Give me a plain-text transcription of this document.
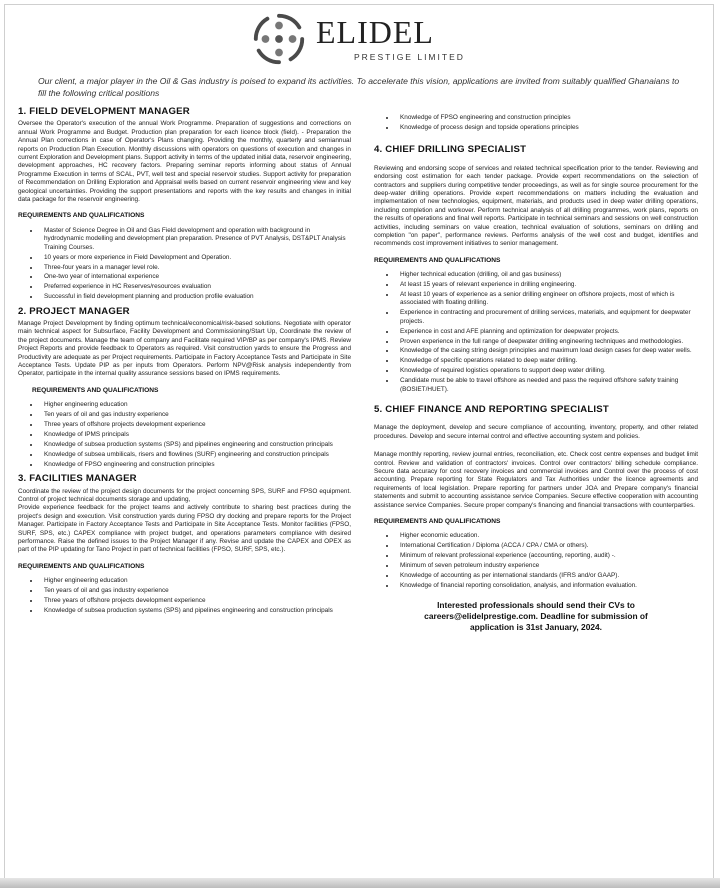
ELIDEL
PRESTIGE LIMITED
Our client, a major player in the Oil & Gas industry is poised to expand its activities. To accelerate this vision, applications are invited from suitably qualified Ghanaians to fill the following critical positions
1. FIELD DEVELOPMENT MANAGER

Oversee the Operator's execution of the annual Work Programme. Preparation of suggestions and corrections on annual Work Programme and Budget. Production plan preparation for each licence block (field). - Preparation the Annual Plan corrections in case of Operator's Plans changing. Providing the monthly, quarterly and semiannual reports on Production Plan Execution. Monthly discussions with operators on questions of execution and changes in current Exploration and Development plans. Support activity in terms of the updated initial data, reservoir engineering, development approaches, HC recovery factors. Preparing seminar reports informing about status of Annual Programme Execution in terms of SCAL, PVT, well test and special reservoir studies. Support activity for preparation of Recommendation on Drilling Exploration and Appraisal wells based on current reservoir engineering view and key geological uncertainties. Providing the support presentations and reports with the key results and changes in initial data package for the reservoir engineering.

REQUIREMENTS AND QUALIFICATIONS
• Master of Science Degree in Oil and Gas Field development and operation with background in hydrodynamic modelling and development plan preparation. Presence of PVT Analysis, DST&PLT Analysis Training Courses.
• 10 years or more experience in Field Development and Operation.
• Three-four years in a manager level role.
• One-two year of international experience
• Preferred experience in HC Reserves/resources evaluation
• Successful in field development planning and production profile evaluation
2. PROJECT MANAGER

Manage Project Development by finding optimum technical/economical/risk-based solutions. Negotiate with operator main technical aspect for Subsurface, Facility Development and Commissioning/Start Up, Coordinate the review of the project documents. Manage the team of company and Facilitate required VIP/BP as per company's IPMS. Review Project Reports and provide feedback to Operators as required. Visit construction yards to ensure the Progress and Productivity are adequate as per Project requirements. Participate in Factory Acceptance Tests and Participate in Site Acceptance Tests. Update PIP as per inputs from Operators. Perform NPV@Risk analysis independently from Operator, participate in the internal quality assurance sessions based on IPMS requirements.

REQUIREMENTS AND QUALIFICATIONS
• Higher engineering education
• Ten years of oil and gas industry experience
• Three years of offshore projects development experience
• Knowledge of IPMS principals
• Knowledge of subsea production systems (SPS) and pipelines engineering and construction principals
• Knowledge of subsea umbilicals, risers and flowlines (SURF) engineering and construction principals
• Knowledge of FPSO engineering and construction principles
3. FACILITIES MANAGER

Coordinate the review of the project design documents for the project concerning SPS, SURF and FPSO equipment. Control of project technical documents storage and updating,

Provide experience feedback for the project teams and actively contribute to sharing best practices during the project's design and execution. Visit construction yards during FPSO dry docking and prepare reports for the Project Manager. Participate in Factory Acceptance Tests and Participate in Site Acceptance Tests. Monitor facilities (FPSO, SURF, SPS, etc.) CAPEX compliance with project budget, and operations parameters compliance with desired performance. Raise the defined issues to the Project Manager if any. Revise and update the CAPEX and OPEX as part of the PIP updating for Tano Project in part of technical facilities (FPSO, SURF, SPS, etc.).

REQUIREMENTS AND QUALIFICATIONS
• Higher engineering education
• Ten years of oil and gas industry experience
• Three years of offshore projects development experience
• Knowledge of subsea production systems (SPS) and pipelines engineering and construction principals
• Knowledge of FPSO engineering and construction principles
• Knowledge of process design and topside operations principles
4. CHIEF DRILLING SPECIALIST

Reviewing and endorsing scope of services and related technical specification prior to the tender. Reviewing and endorsing cost estimation for each tender package. Provide expert recommendations on the selection of contractors and suppliers during competitive tender proceedings, as well as for single source procurement for the deep-water drilling operations. Provide expert recommendations on matters including the evaluation and implementation of new technologies, equipment, materials, and products used in deep water drilling operations, including completion and workover. Perform technical analysis of all drilling programmes, work plans, reports on the results of operations and final well reports. Participate in technical seminars and sessions on well construction activities, including seminars on value creation, technical evaluation of solutions, seminars on drilling and completion "on paper", performance reviews. Performs analysis of the well cost and budget, identifies and recommends cost improvement initiatives to senior management.

REQUIREMENTS AND QUALIFICATIONS
• Higher technical education (drilling, oil and gas business)
• At least 15 years of relevant experience in drilling engineering.
• At least 10 years of experience as a senior drilling engineer on offshore projects, most of which is associated with floating drilling.
• Experience in contracting and procurement of drilling services, materials, and equipment for deepwater projects.
• Experience in cost and AFE planning and optimization for deepwater projects.
• Proven experience in the full range of deepwater drilling engineering techniques and methodologies.
• Knowledge of the casing string design principles and maximum load design cases for deep water wells.
• Knowledge of specific operations related to deep water drilling.
• Knowledge of required logistics operations to support deep water drilling.
• Candidate must be able to travel offshore as needed and pass the required offshore safety training (BOSIET/HUET).
5. CHIEF FINANCE AND REPORTING SPECIALIST

Manage the deployment, develop and secure compliance of accounting, inventory, property, and other related procedures. Develop and secure internal control and effective accounting system and policies.

Manage monthly reporting, review journal entries, reconciliation, etc. Check cost centre expenses and budget limit control. Review and validation of contractors' invoices. Control over contractors' billing schedule compliance. Secure data accuracy for cost recovery invoices and commercial invoices and Control over the process of cost accounting. Prepare reporting for State Regulators and Tax Authorities under the licence agreements and requirements of local legislation. Prepare reporting for partners under JOA and Prepare company's financial statements and submit to accounting assistance service Companies. Secure effective cooperation with accounting assistance service Companies. Secure proper company's financing and financial transactions with counterparties.

REQUIREMENTS AND QUALIFICATIONS
• Higher economic education.
• International Certification / Diploma (ACCA / CPA / CMA or others).
• Minimum of relevant professional experience (accounting, reporting, audit) -.
• Minimum of seven petroleum industry experience
• Knowledge of accounting as per international standards (IFRS and/or GAAP).
• Knowledge of financial reporting consolidation, analysis, and information evaluation.
Interested professionals should send their CVs to
careers@elidelprestige.com. Deadline for submission of
application is 31st January, 2024.
